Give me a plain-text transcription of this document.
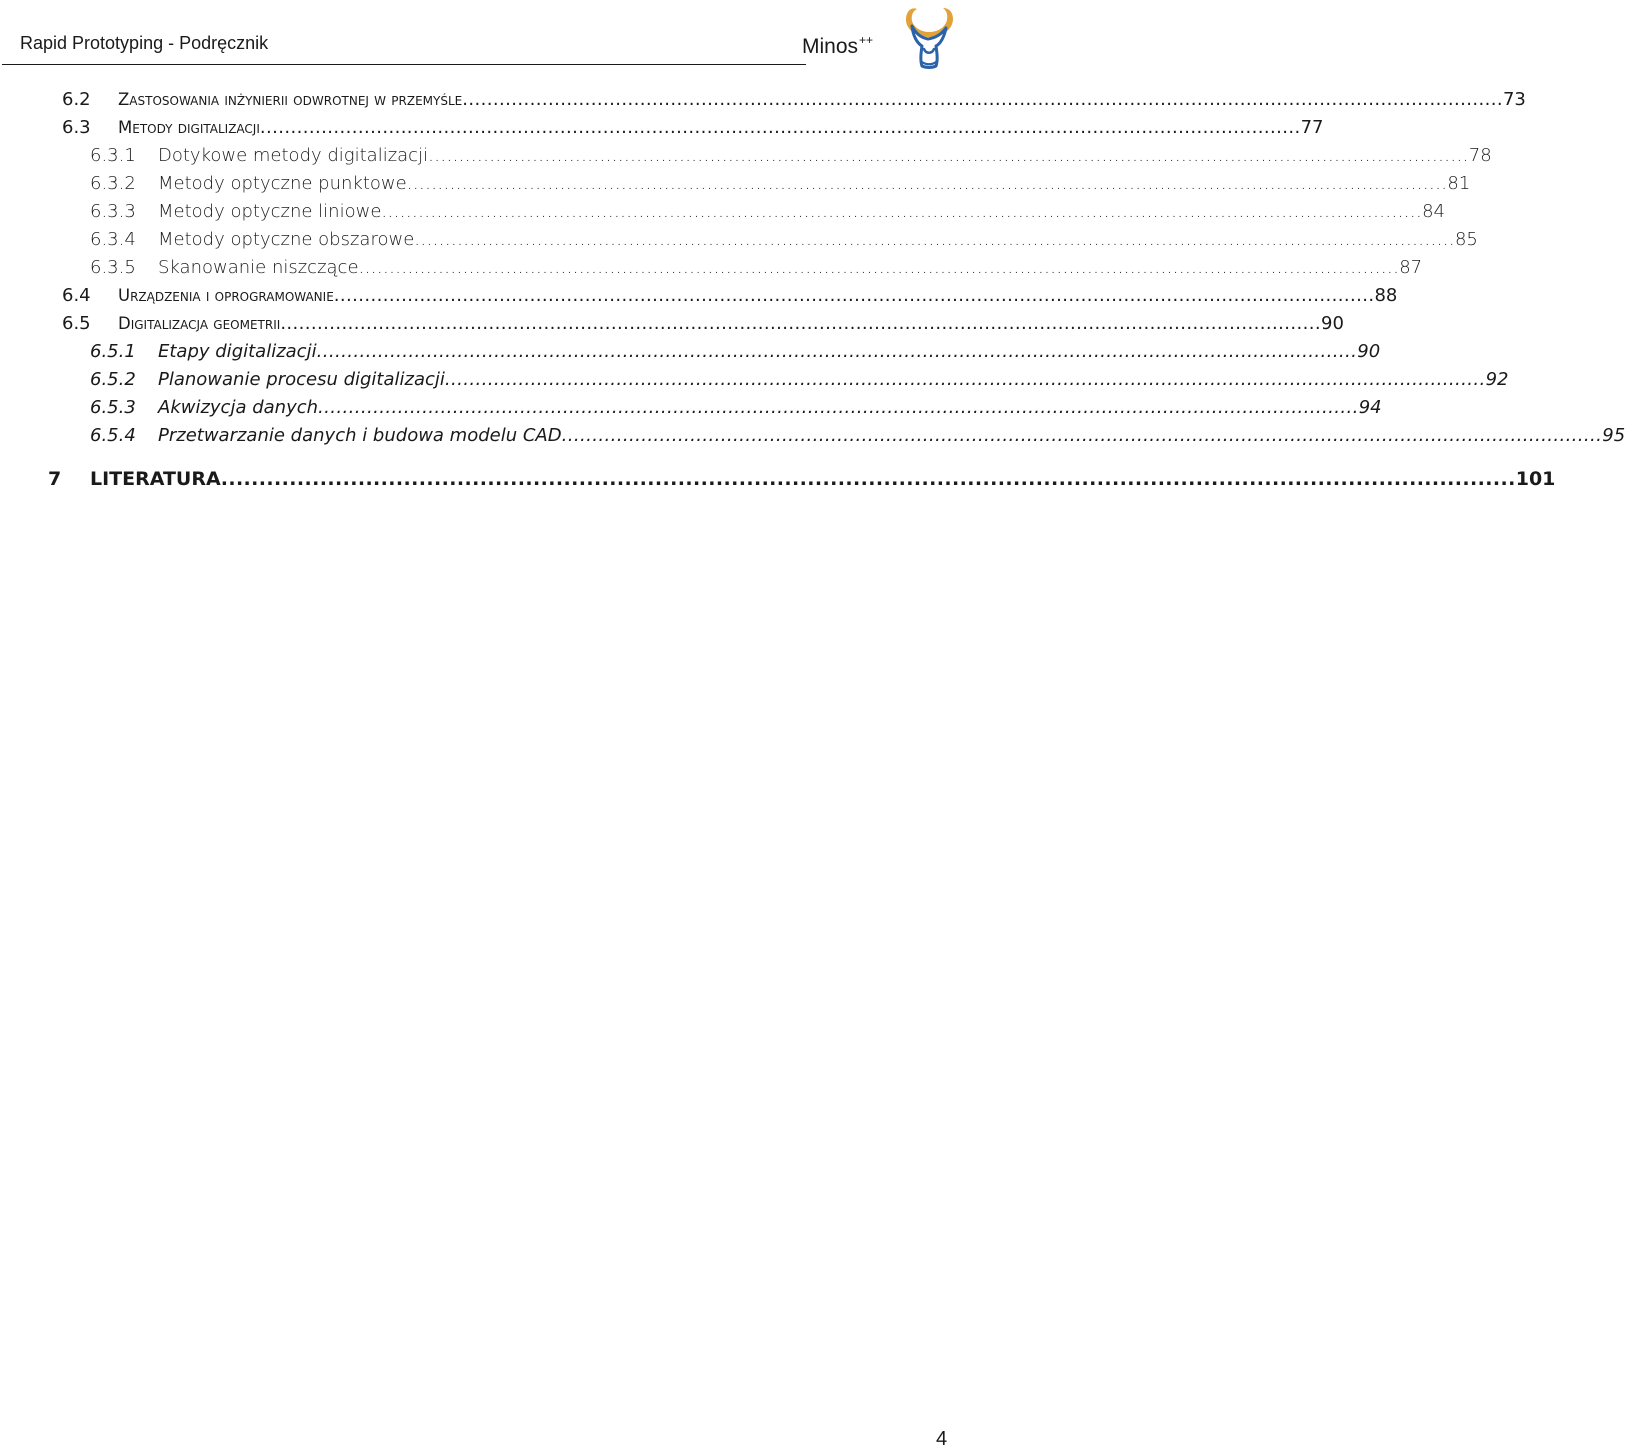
Rapid Prototyping - Podręcznik	Minos++
6.2 Zastosowania inżynierii odwrotnej w przemyśle .......................................................................................................................................................................... 73
6.3 Metody digitalizacji .......................................................................................................................................................................... 77
6.3.1 Dotykowe metody digitalizacji .......................................................................................................................................................................... 78
6.3.2 Metody optyczne punktowe .......................................................................................................................................................................... 81
6.3.3 Metody optyczne liniowe .......................................................................................................................................................................... 84
6.3.4 Metody optyczne obszarowe .......................................................................................................................................................................... 85
6.3.5 Skanowanie niszczące .......................................................................................................................................................................... 87
6.4 Urządzenia i oprogramowanie .......................................................................................................................................................................... 88
6.5 Digitalizacja geometrii .......................................................................................................................................................................... 90
6.5.1 Etapy digitalizacji .......................................................................................................................................................................... 90
6.5.2 Planowanie procesu digitalizacji .......................................................................................................................................................................... 92
6.5.3 Akwizycja danych .......................................................................................................................................................................... 94
6.5.4 Przetwarzanie danych i budowa modelu CAD .......................................................................................................................................................................... 95
7 LITERATURA .......................................................................................................................................................................... 101
4
